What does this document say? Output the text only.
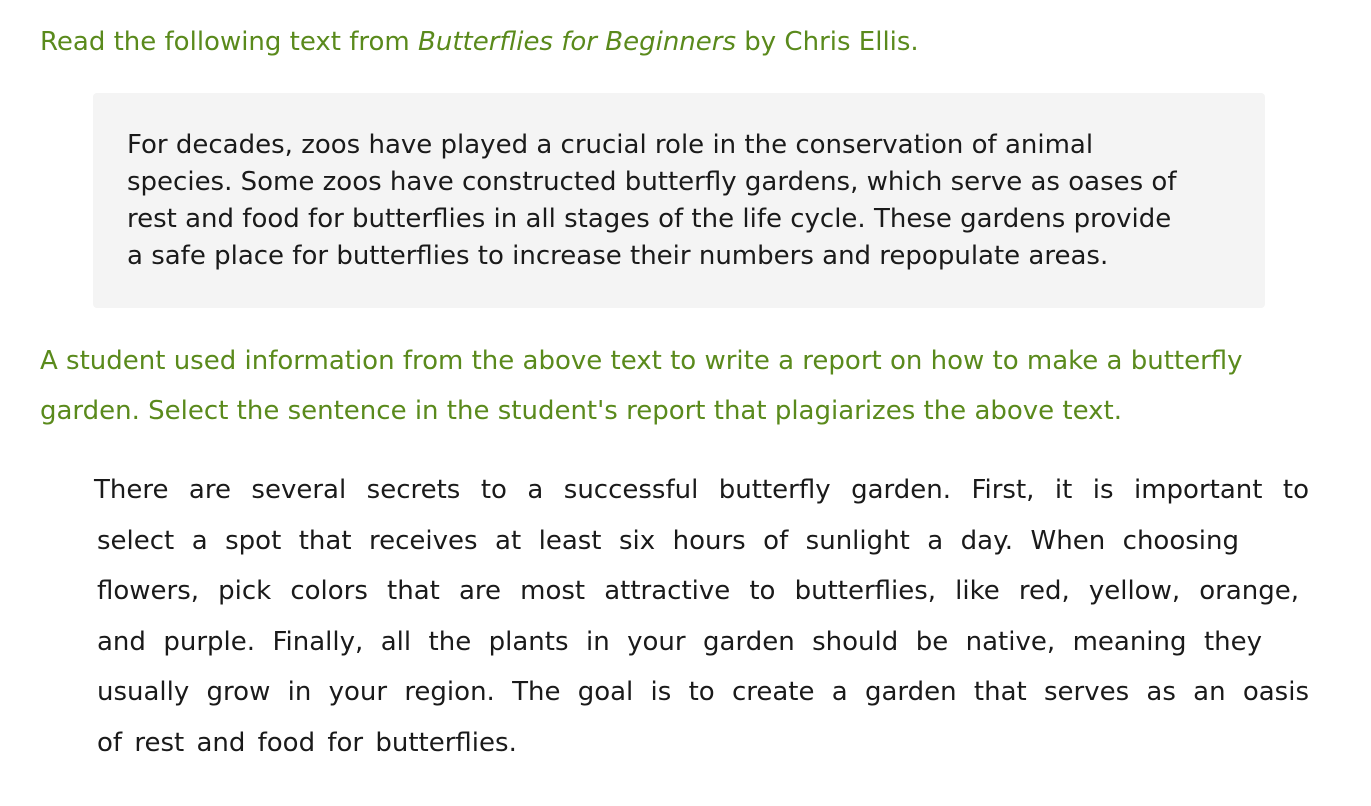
Read the following text from Butterflies for Beginners by Chris Ellis.

For decades, zoos have played a crucial role in the conservation of animal
species. Some zoos have constructed butterfly gardens, which serve as oases of
rest and food for butterflies in all stages of the life cycle. These gardens provide
a safe place for butterflies to increase their numbers and repopulate areas.

A student used information from the above text to write a report on how to make a butterfly
garden. Select the sentence in the student's report that plagiarizes the above text.

There are several secrets to a successful butterfly garden. First, it is important to
select a spot that receives at least six hours of sunlight a day. When choosing
flowers, pick colors that are most attractive to butterflies, like red, yellow, orange,
and purple. Finally, all the plants in your garden should be native, meaning they
usually grow in your region. The goal is to create a garden that serves as an oasis
of rest and food for butterflies.
